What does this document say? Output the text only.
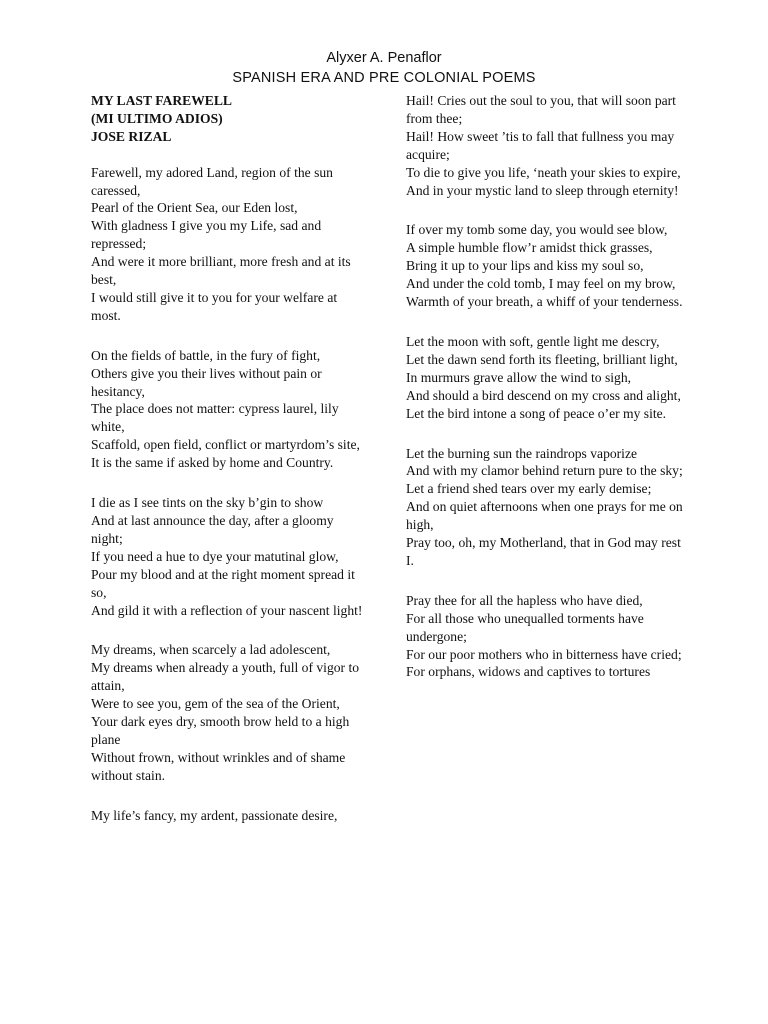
Alyxer A. Penaflor
SPANISH ERA AND PRE COLONIAL POEMS
MY LAST FAREWELL
(MI ULTIMO ADIOS)
JOSE RIZAL
Farewell, my adored Land, region of the sun caressed,
Pearl of the Orient Sea, our Eden lost,
With gladness I give you my Life, sad and repressed;
And were it more brilliant, more fresh and at its best,
I would still give it to you for your welfare at most.
On the fields of battle, in the fury of fight,
Others give you their lives without pain or hesitancy,
The place does not matter: cypress laurel, lily white,
Scaffold, open field, conflict or martyrdom’s site,
It is the same if asked by home and Country.
I die as I see tints on the sky b’gin to show
And at last announce the day, after a gloomy night;
If you need a hue to dye your matutinal glow,
Pour my blood and at the right moment spread it so,
And gild it with a reflection of your nascent light!
My dreams, when scarcely a lad adolescent,
My dreams when already a youth, full of vigor to attain,
Were to see you, gem of the sea of the Orient,
Your dark eyes dry, smooth brow held to a high plane
Without frown, without wrinkles and of shame without stain.
My life’s fancy, my ardent, passionate desire,
Hail! Cries out the soul to you, that will soon part from thee;
Hail! How sweet ’tis to fall that fullness you may acquire;
To die to give you life, ‘neath your skies to expire,
And in your mystic land to sleep through eternity!
If over my tomb some day, you would see blow,
A simple humble flow’r amidst thick grasses,
Bring it up to your lips and kiss my soul so,
And under the cold tomb, I may feel on my brow,
Warmth of your breath, a whiff of your tenderness.
Let the moon with soft, gentle light me descry,
Let the dawn send forth its fleeting, brilliant light,
In murmurs grave allow the wind to sigh,
And should a bird descend on my cross and alight,
Let the bird intone a song of peace o’er my site.
Let the burning sun the raindrops vaporize
And with my clamor behind return pure to the sky;
Let a friend shed tears over my early demise;
And on quiet afternoons when one prays for me on high,
Pray too, oh, my Motherland, that in God may rest I.
Pray thee for all the hapless who have died,
For all those who unequalled torments have undergone;
For our poor mothers who in bitterness have cried;
For orphans, widows and captives to tortures
